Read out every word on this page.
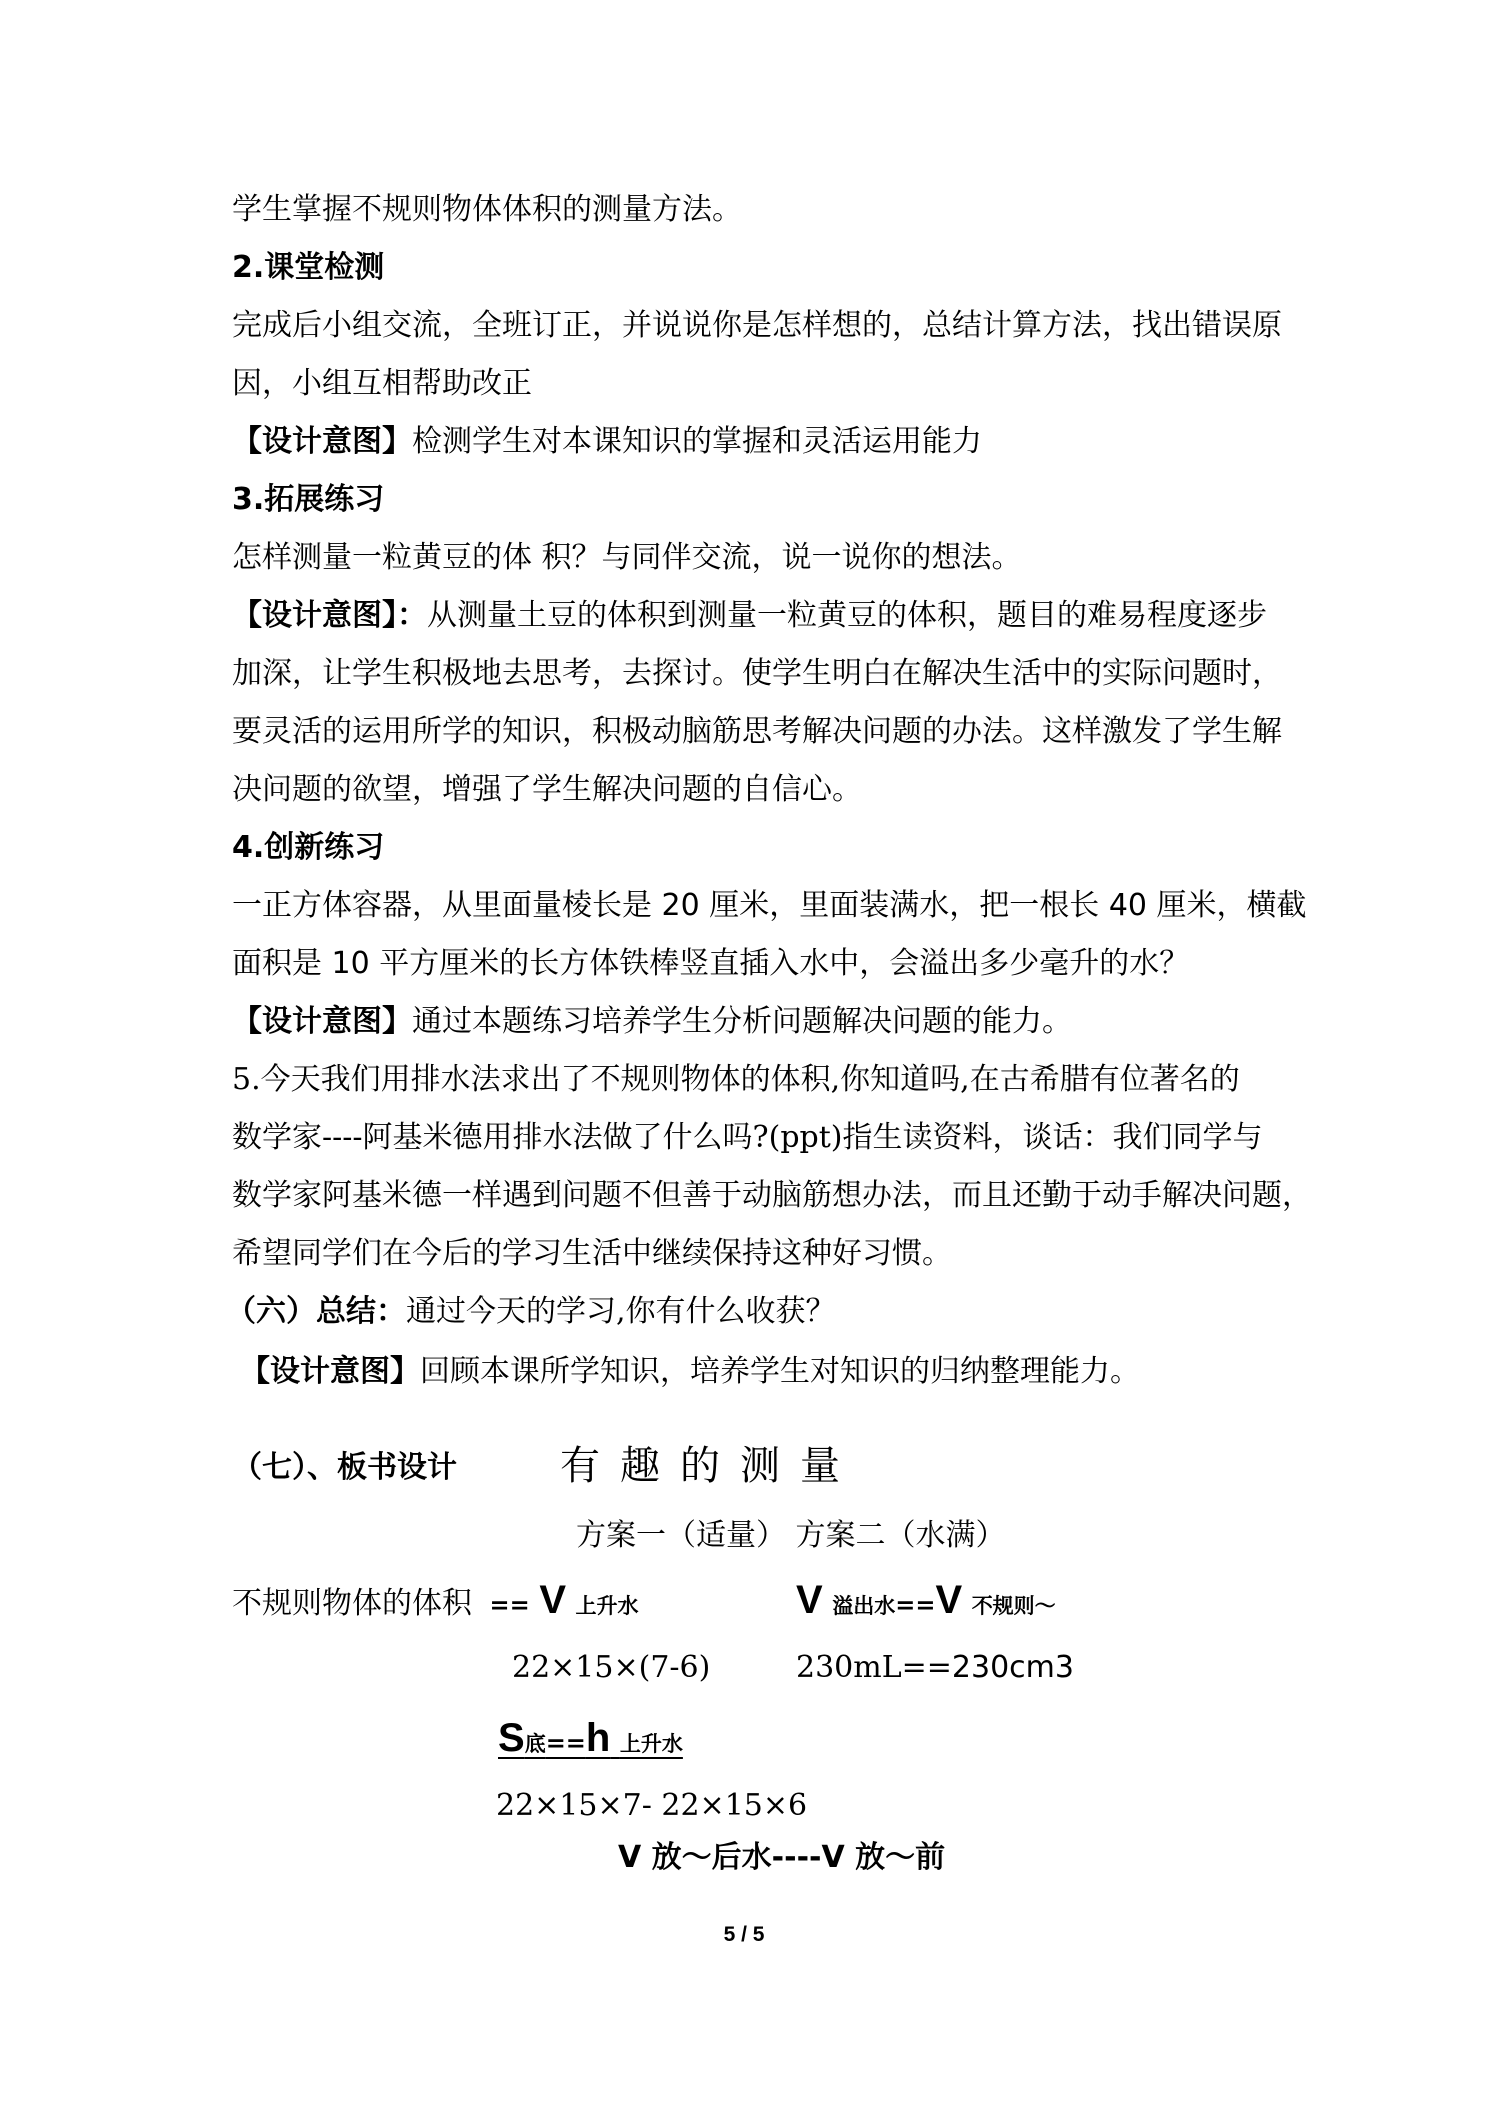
学生掌握不规则物体体积的测量方法。
2.课堂检测
完成后小组交流，全班订正，并说说你是怎样想的，总结计算方法，找出错误原
因，小组互相帮助改正
【设计意图】检测学生对本课知识的掌握和灵活运用能力
3.拓展练习
怎样测量一粒黄豆的体 积？与同伴交流，说一说你的想法。
【设计意图】：从测量土豆的体积到测量一粒黄豆的体积，题目的难易程度逐步
加深，让学生积极地去思考，去探讨。使学生明白在解决生活中的实际问题时，
要灵活的运用所学的知识，积极动脑筋思考解决问题的办法。这样激发了学生解
决问题的欲望，增强了学生解决问题的自信心。
4.创新练习
一正方体容器，从里面量棱长是 20 厘米，里面装满水，把一根长 40 厘米，横截
面积是 10 平方厘米的长方体铁棒竖直插入水中，会溢出多少毫升的水？
【设计意图】通过本题练习培养学生分析问题解决问题的能力。
5.今天我们用排水法求出了不规则物体的体积,你知道吗,在古希腊有位著名的
数学家----阿基米德用排水法做了什么吗?(ppt)指生读资料，谈话：我们同学与
数学家阿基米德一样遇到问题不但善于动脑筋想办法，而且还勤于动手解决问题，
希望同学们在今后的学习生活中继续保持这种好习惯。
（六）总结：通过今天的学习,你有什么收获？
【设计意图】回顾本课所学知识，培养学生对知识的归纳整理能力。
（七）、板书设计	有趣的测量
方案一（适量） 方案二（水满）
不规则物体的体积 == V 上升水	V 溢出水==V 不规则～
22×15×(7-6)	230mL==230cm3
S底==h 上升水
22×15×7- 22×15×6
V 放～后水----V 放～前
5 / 5
